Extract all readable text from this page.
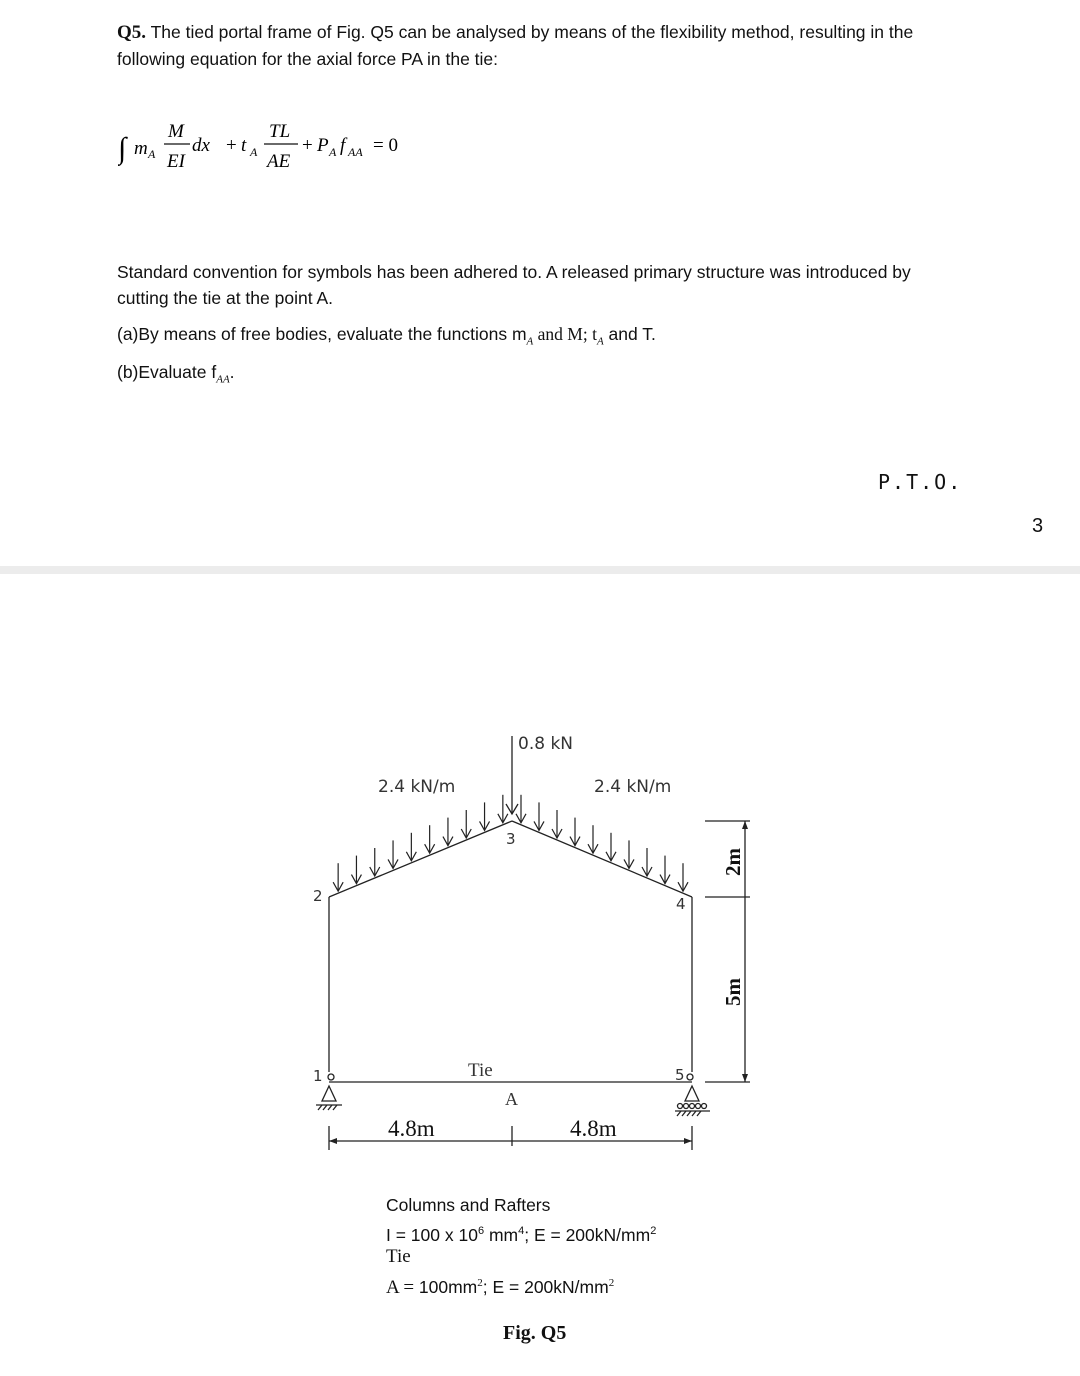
Q5. The tied portal frame of Fig. Q5 can be analysed by means of the flexibility method, resulting in the following equation for the axial force PA in the tie:
∫ m A
M
EI
dx + t A
TL
AE
+ P A f AA = 0
Standard convention for symbols has been adhered to. A released primary structure was introduced by cutting the tie at the point A.
(a)By means of free bodies, evaluate the functions $m_A$ and M; $t_A$ and T.
(b)Evaluate $f_{AA}$.
P.T.O.
3
2.4 kN/m	2.4 kN/m
0.8 kN
1
2
3
4
5
Tie
A
4.8m	4.8m
2m
5m
Columns and Rafters
I = 100 x $10^6$ $mm^4$; $E = 200kN/mm^2$
Tie
$A = 100mm^2$; $E = 200kN/mm^2$
Fig. Q5
